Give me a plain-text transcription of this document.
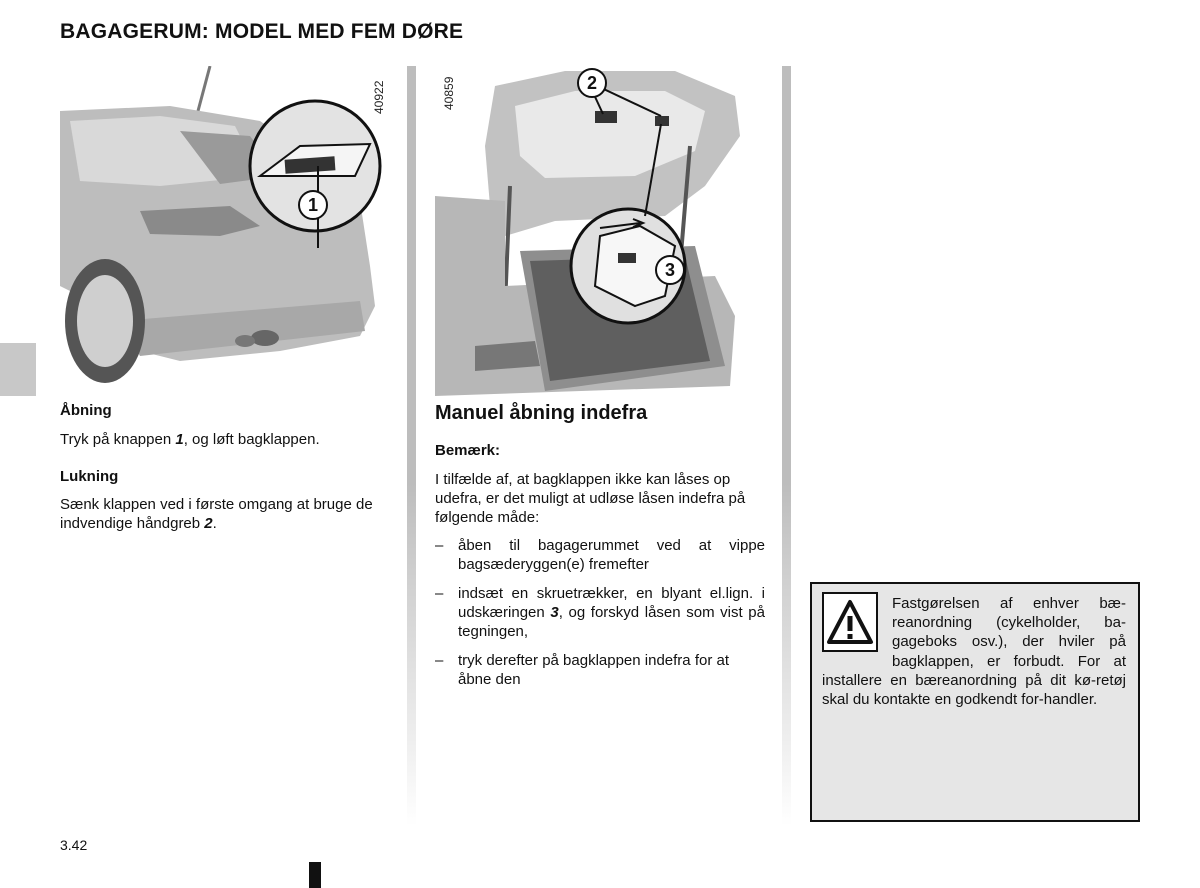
BAGAGERUM: MODEL MED FEM DØRE
1
40922	2
3
40859
Åbning
Tryk på knappen 1, og løft bagklappen.
Lukning
Sænk klappen ved i første omgang at bruge de indvendige håndgreb 2.
Manuel åbning indefra
Bemærk:
I tilfælde af, at bagklappen ikke kan låses op udefra, er det muligt at udløse låsen indefra på følgende måde:
– åben til bagagerummet ved at vippe bagsæderyggen(e) fremefter
– indsæt en skruetrækker, en blyant el.lign. i udskæringen 3, og forskyd låsen som vist på tegningen,
– tryk derefter på bagklappen indefra for at åbne den
Fastgørelsen af enhver bæ-reanordning (cykelholder, ba-gageboks osv.), der hviler på bagklappen, er forbudt. For at installere en bæreanordning på dit kø-retøj skal du kontakte en godkendt for-handler.
3.42
